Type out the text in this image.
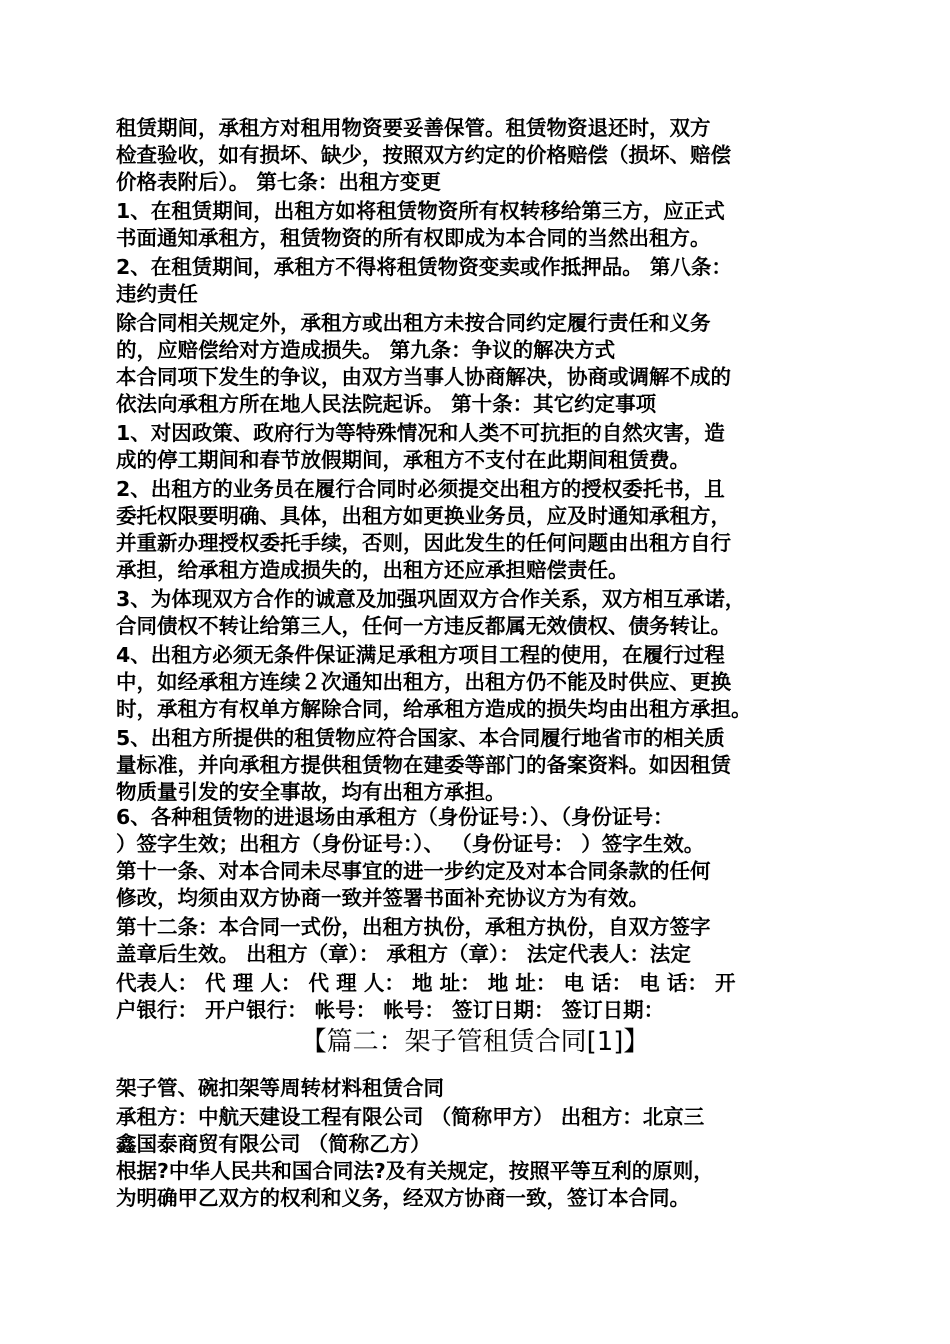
租赁期间，承租方对租用物资要妥善保管。租赁物资退还时，双方
检查验收，如有损坏、缺少，按照双方约定的价格赔偿（损坏、赔偿
价格表附后）。 第七条：出租方变更
1、在租赁期间，出租方如将租赁物资所有权转移给第三方，应正式
书面通知承租方，租赁物资的所有权即成为本合同的当然出租方。
2、在租赁期间，承租方不得将租赁物资变卖或作抵押品。 第八条：
违约责任
除合同相关规定外，承租方或出租方未按合同约定履行责任和义务
的，应赔偿给对方造成损失。 第九条：争议的解决方式
本合同项下发生的争议，由双方当事人协商解决，协商或调解不成的
依法向承租方所在地人民法院起诉。 第十条：其它约定事项
1、对因政策、政府行为等特殊情况和人类不可抗拒的自然灾害，造
成的停工期间和春节放假期间，承租方不支付在此期间租赁费。
2、出租方的业务员在履行合同时必须提交出租方的授权委托书，且
委托权限要明确、具体，出租方如更换业务员，应及时通知承租方，
并重新办理授权委托手续，否则，因此发生的任何问题由出租方自行
承担，给承租方造成损失的，出租方还应承担赔偿责任。
3、为体现双方合作的诚意及加强巩固双方合作关系，双方相互承诺，
合同债权不转让给第三人，任何一方违反都属无效债权、债务转让。
4、出租方必须无条件保证满足承租方项目工程的使用，在履行过程
中，如经承租方连续２次通知出租方，出租方仍不能及时供应、更换
时，承租方有权单方解除合同，给承租方造成的损失均由出租方承担。
5、出租方所提供的租赁物应符合国家、本合同履行地省市的相关质
量标准，并向承租方提供租赁物在建委等部门的备案资料。如因租赁
物质量引发的安全事故，均有出租方承担。
6、各种租赁物的进退场由承租方（身份证号：）、（身份证号：
）签字生效；出租方（身份证号：）、 （身份证号： ）签字生效。
第十一条、对本合同未尽事宜的进一步约定及对本合同条款的任何
修改，均须由双方协商一致并签署书面补充协议方为有效。
第十二条：本合同一式份，出租方执份，承租方执份，自双方签字
盖章后生效。 出租方（章）： 承租方（章）： 法定代表人：法定
代表人： 代 理 人： 代 理 人： 地 址： 地 址： 电 话： 电 话： 开
户银行： 开户银行： 帐号： 帐号： 签订日期： 签订日期：
【篇二：架子管租赁合同[1]】
架子管、碗扣架等周转材料租赁合同
承租方：中航天建设工程有限公司 （简称甲方） 出租方：北京三
鑫国泰商贸有限公司 （简称乙方）
根据?中华人民共和国合同法?及有关规定，按照平等互利的原则，
为明确甲乙双方的权利和义务，经双方协商一致，签订本合同。
